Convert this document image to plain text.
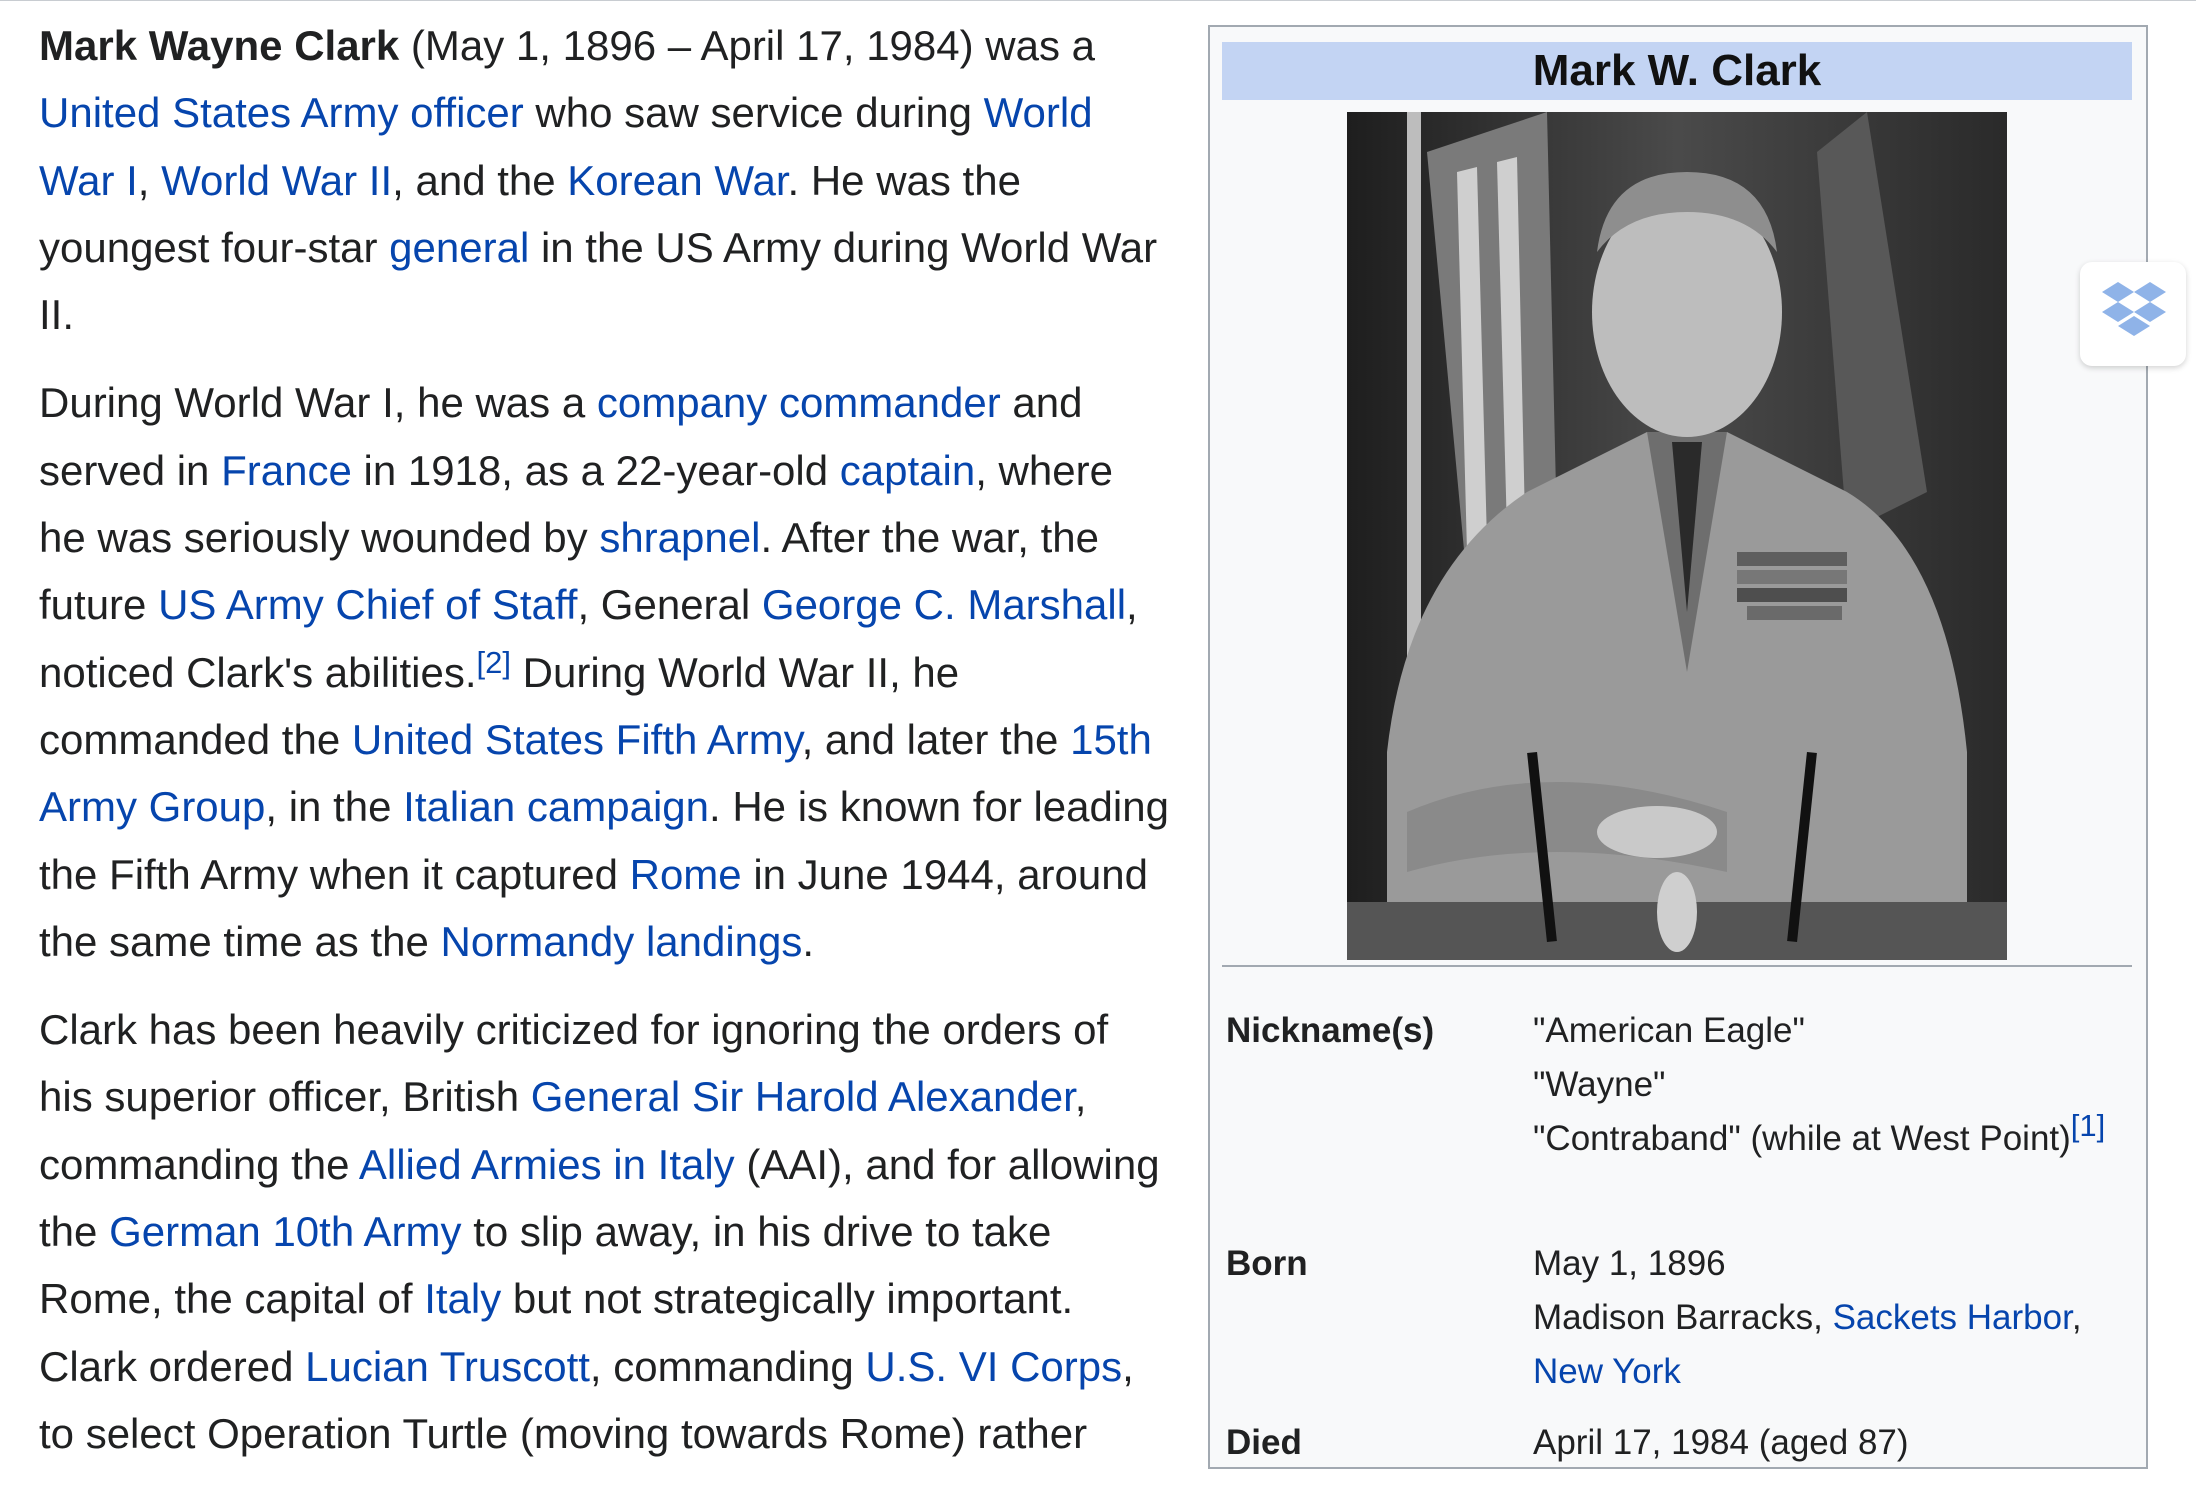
Mark Wayne Clark (May 1, 1896 – April 17, 1984) was a United States Army officer who saw service during World War I, World War II, and the Korean War. He was the youngest four-star general in the US Army during World War II.

During World War I, he was a company commander and served in France in 1918, as a 22-year-old captain, where he was seriously wounded by shrapnel. After the war, the future US Army Chief of Staff, General George C. Marshall, noticed Clark's abilities.[2] During World War II, he commanded the United States Fifth Army, and later the 15th Army Group, in the Italian campaign. He is known for leading the Fifth Army when it captured Rome in June 1944, around the same time as the Normandy landings.

Clark has been heavily criticized for ignoring the orders of his superior officer, British General Sir Harold Alexander, commanding the Allied Armies in Italy (AAI), and for allowing the German 10th Army to slip away, in his drive to take Rome, the capital of Italy but not strategically important. Clark ordered Lucian Truscott, commanding U.S. VI Corps, to select Operation Turtle (moving towards Rome) rather

Mark W. Clark
Nickname(s)	"American Eagle"
"Wayne"
"Contraband" (while at West Point)[1]
Born	May 1, 1896
Madison Barracks, Sackets Harbor, New York
Died	April 17, 1984 (aged 87)
